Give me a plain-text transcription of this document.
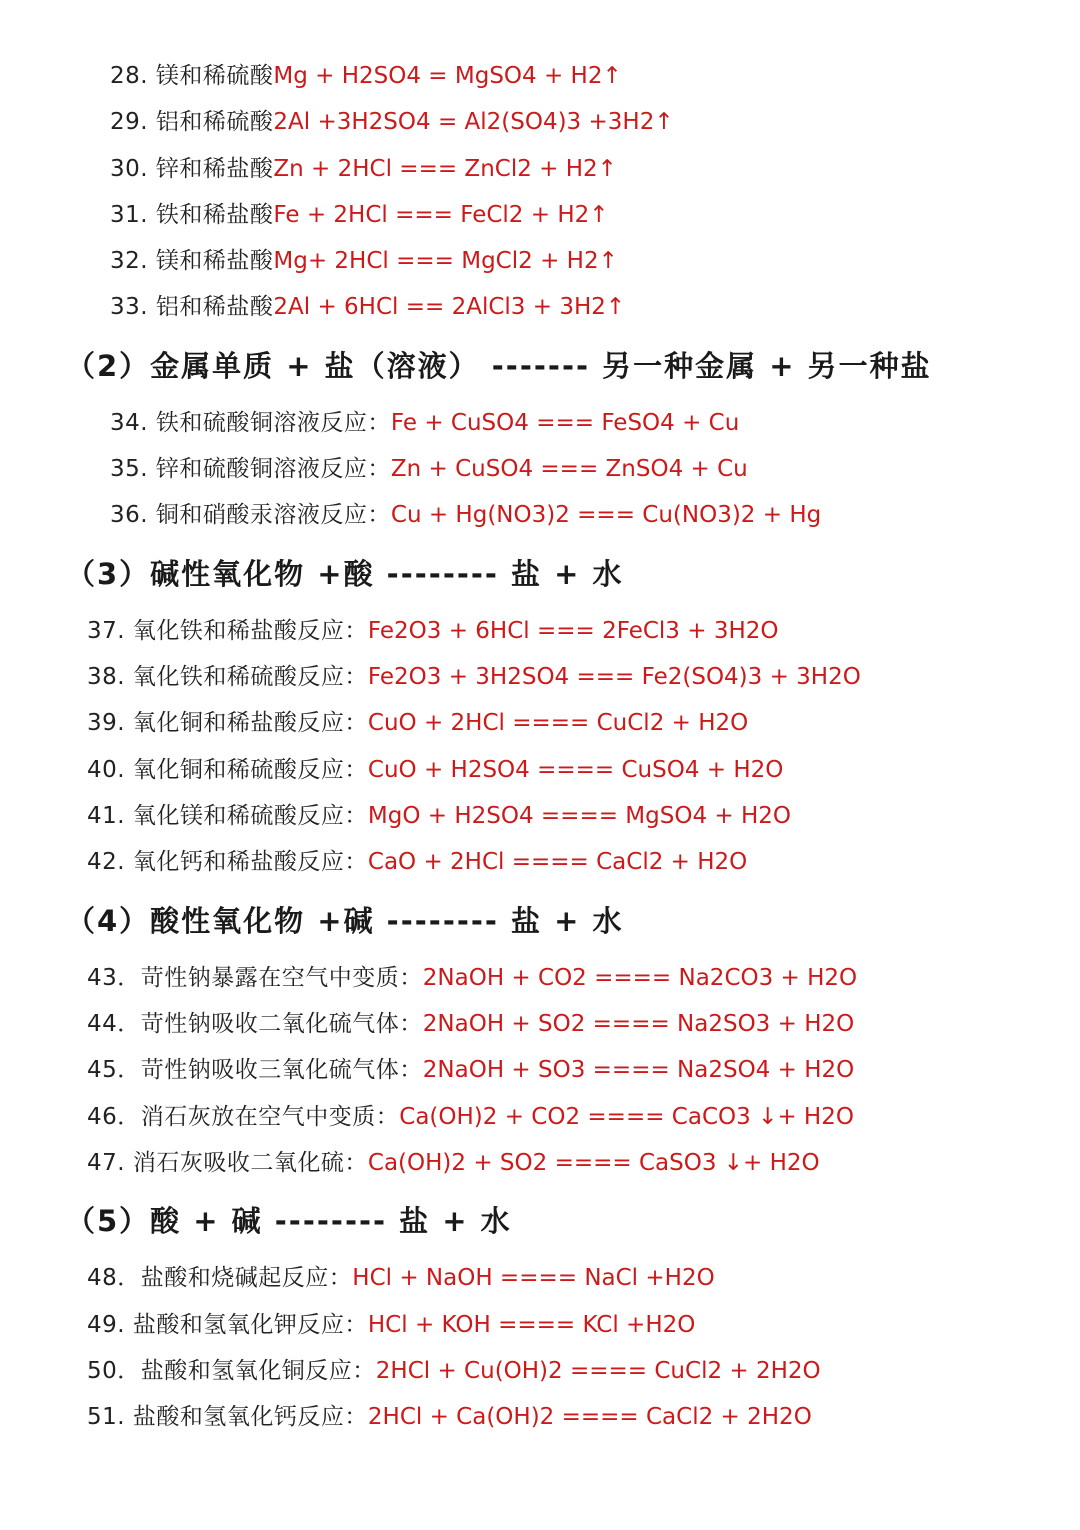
28. 镁和稀硫酸Mg + H2SO4 = MgSO4 + H2↑
29. 铝和稀硫酸2Al +3H2SO4 = Al2(SO4)3 +3H2↑
30. 锌和稀盐酸Zn + 2HCl === ZnCl2 + H2↑
31. 铁和稀盐酸Fe + 2HCl === FeCl2 + H2↑
32. 镁和稀盐酸Mg+ 2HCl === MgCl2 + H2↑
33. 铝和稀盐酸2Al + 6HCl == 2AlCl3 + 3H2↑
（2）金属单质 + 盐（溶液） ------- 另一种金属 + 另一种盐
34. 铁和硫酸铜溶液反应：Fe + CuSO4 === FeSO4 + Cu
35. 锌和硫酸铜溶液反应：Zn + CuSO4 === ZnSO4 + Cu
36. 铜和硝酸汞溶液反应：Cu + Hg(NO3)2 === Cu(NO3)2 + Hg
（3）碱性氧化物 +酸 -------- 盐 + 水
37. 氧化铁和稀盐酸反应：Fe2O3 + 6HCl === 2FeCl3 + 3H2O
38. 氧化铁和稀硫酸反应：Fe2O3 + 3H2SO4 === Fe2(SO4)3 + 3H2O
39. 氧化铜和稀盐酸反应：CuO + 2HCl ==== CuCl2 + H2O
40. 氧化铜和稀硫酸反应：CuO + H2SO4 ==== CuSO4 + H2O
41. 氧化镁和稀硫酸反应：MgO + H2SO4 ==== MgSO4 + H2O
42. 氧化钙和稀盐酸反应：CaO + 2HCl ==== CaCl2 + H2O
（4）酸性氧化物 +碱 -------- 盐 + 水
43．苛性钠暴露在空气中变质：2NaOH + CO2 ==== Na2CO3 + H2O
44．苛性钠吸收二氧化硫气体：2NaOH + SO2 ==== Na2SO3 + H2O
45．苛性钠吸收三氧化硫气体：2NaOH + SO3 ==== Na2SO4 + H2O
46．消石灰放在空气中变质：Ca(OH)2 + CO2 ==== CaCO3 ↓+ H2O
47. 消石灰吸收二氧化硫：Ca(OH)2 + SO2 ==== CaSO3 ↓+ H2O
（5）酸 + 碱 -------- 盐 + 水
48．盐酸和烧碱起反应：HCl + NaOH ==== NaCl +H2O
49. 盐酸和氢氧化钾反应：HCl + KOH ==== KCl +H2O
50．盐酸和氢氧化铜反应：2HCl + Cu(OH)2 ==== CuCl2 + 2H2O
51. 盐酸和氢氧化钙反应：2HCl + Ca(OH)2 ==== CaCl2 + 2H2O
